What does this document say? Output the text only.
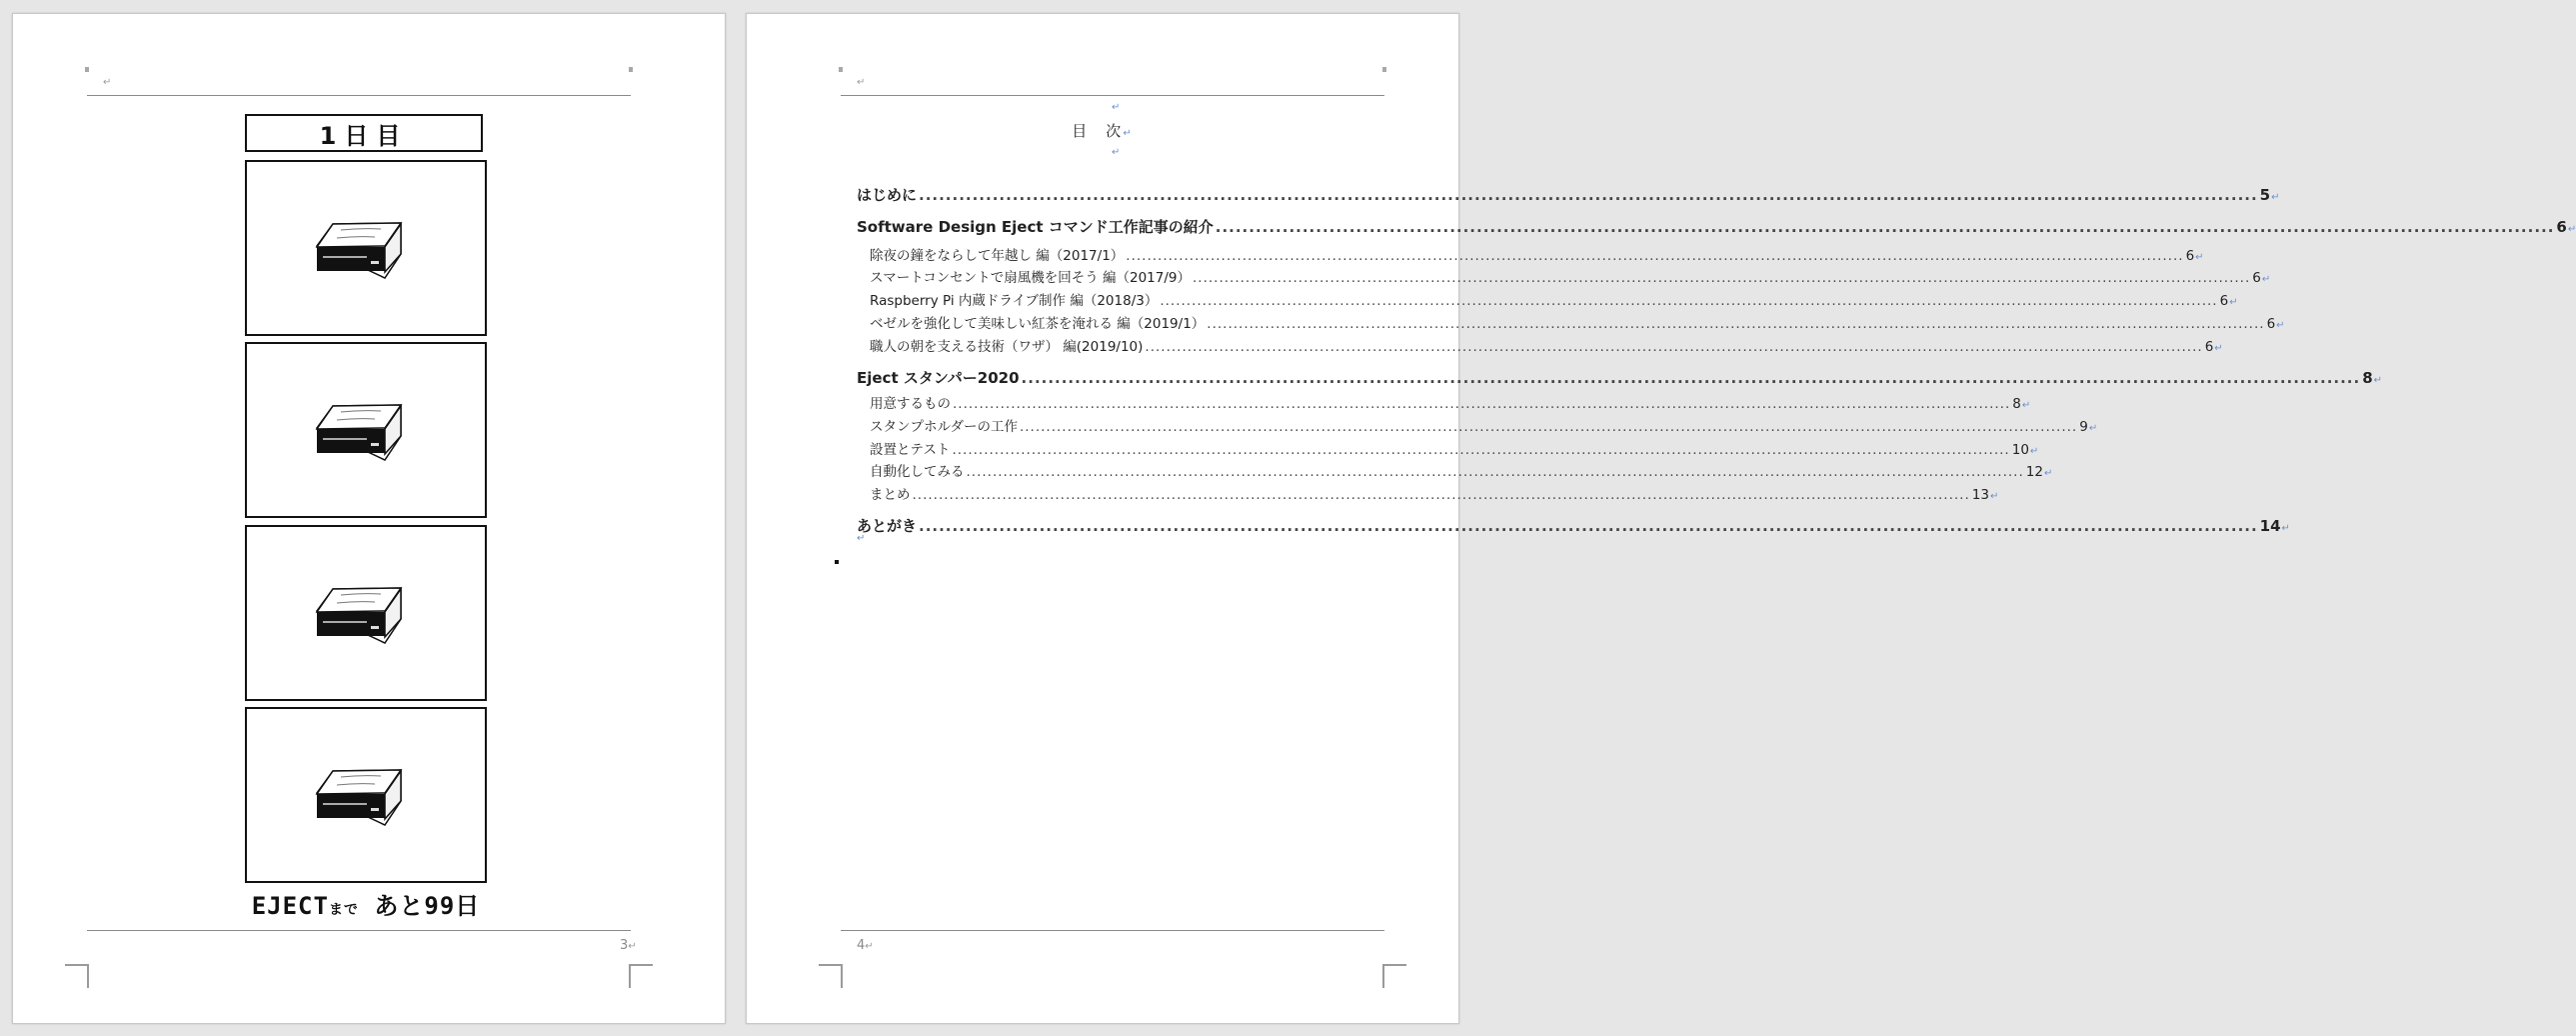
↵
1日目
EJECTまで あと99日
3↵
↵
↵
目　次↵
↵
はじめに ........................................................................................................................................................................................................ 5 ↵
Software Design Eject コマンド工作記事の紹介 ........................................................................................................................................................................................................ 6 ↵
除夜の鐘をならして年越し 編（2017/1） ........................................................................................................................................................................................................ 6 ↵
スマートコンセントで扇風機を回そう 編（2017/9） ........................................................................................................................................................................................................ 6 ↵
Raspberry Pi 内蔵ドライブ制作 編（2018/3） ........................................................................................................................................................................................................ 6 ↵
ベゼルを強化して美味しい紅茶を淹れる 編（2019/1） ........................................................................................................................................................................................................ 6 ↵
職人の朝を支える技術（ワザ） 編(2019/10) ........................................................................................................................................................................................................ 6 ↵
Eject スタンパー2020 ........................................................................................................................................................................................................ 8 ↵
用意するもの ........................................................................................................................................................................................................ 8 ↵
スタンプホルダーの工作 ........................................................................................................................................................................................................ 9 ↵
設置とテスト ........................................................................................................................................................................................................ 10 ↵
自動化してみる ........................................................................................................................................................................................................ 12 ↵
まとめ ........................................................................................................................................................................................................ 13 ↵
あとがき ........................................................................................................................................................................................................ 14 ↵
↵
4↵
